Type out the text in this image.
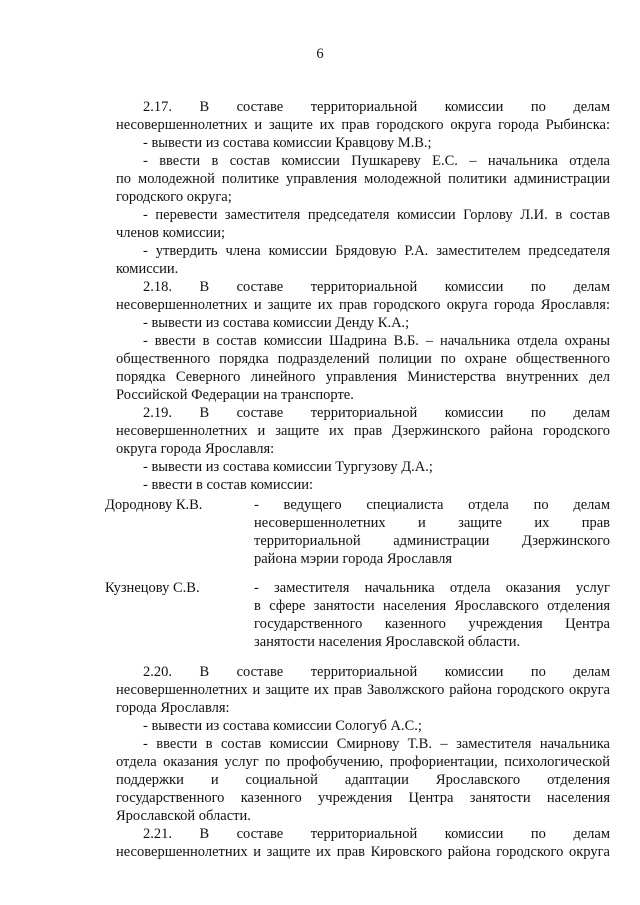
6
2.17. В составе территориальной комиссии по делам
несовершеннолетних и защите их прав городского округа города Рыбинска:
- вывести из состава комиссии Кравцову М.В.;
- ввести в состав комиссии Пушкареву Е.С. – начальника отдела
по молодежной политике управления молодежной политики администрации
городского округа;
- перевести заместителя председателя комиссии Горлову Л.И. в состав
членов комиссии;
- утвердить члена комиссии Брядовую Р.А. заместителем председателя
комиссии.
2.18. В составе территориальной комиссии по делам
несовершеннолетних и защите их прав городского округа города Ярославля:
- вывести из состава комиссии Денду К.А.;
- ввести в состав комиссии Шадрина В.Б. – начальника отдела охраны
общественного порядка подразделений полиции по охране общественного
порядка Северного линейного управления Министерства внутренних дел
Российской Федерации на транспорте.
2.19. В составе территориальной комиссии по делам
несовершеннолетних и защите их прав Дзержинского района городского
округа города Ярославля:
- вывести из состава комиссии Тургузову Д.А.;
- ввести в состав комиссии:
Дороднову К.В.	- ведущего специалиста отдела по делам
несовершеннолетних и защите их прав
территориальной администрации Дзержинского
района мэрии города Ярославля
Кузнецову С.В.	- заместителя начальника отдела оказания услуг
в сфере занятости населения Ярославского отделения
государственного казенного учреждения Центра
занятости населения Ярославской области.
2.20. В составе территориальной комиссии по делам
несовершеннолетних и защите их прав Заволжского района городского округа
города Ярославля:
- вывести из состава комиссии Сологуб А.С.;
- ввести в состав комиссии Смирнову Т.В. – заместителя начальника
отдела оказания услуг по профобучению, профориентации, психологической
поддержки и социальной адаптации Ярославского отделения
государственного казенного учреждения Центра занятости населения
Ярославской области.
2.21. В составе территориальной комиссии по делам
несовершеннолетних и защите их прав Кировского района городского округа
